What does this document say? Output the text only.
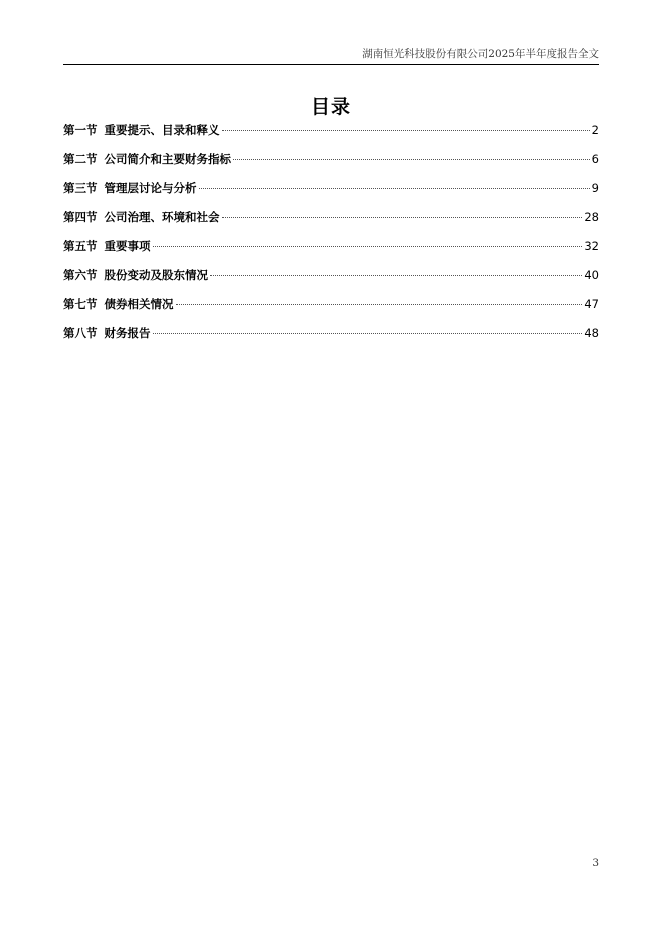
湖南恒光科技股份有限公司2025年半年度报告全文
目录
第一节 重要提示、目录和释义	2
第二节 公司简介和主要财务指标	6
第三节 管理层讨论与分析	9
第四节 公司治理、环境和社会	28
第五节 重要事项	32
第六节 股份变动及股东情况	40
第七节 债券相关情况	47
第八节 财务报告	48
3
